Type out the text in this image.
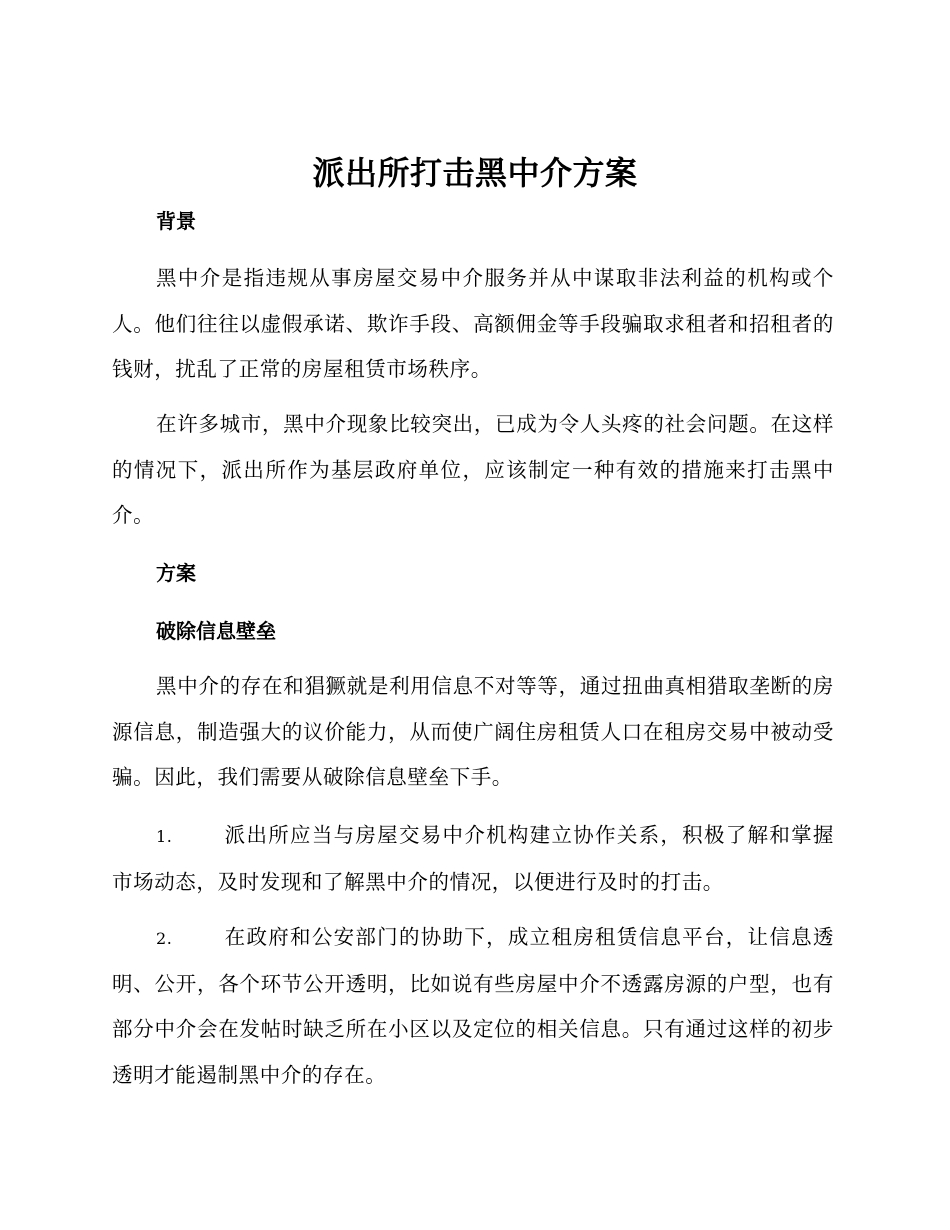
派出所打击黑中介方案
背景
黑中介是指违规从事房屋交易中介服务并从中谋取非法利益的机构或个人。他们往往以虚假承诺、欺诈手段、高额佣金等手段骗取求租者和招租者的钱财，扰乱了正常的房屋租赁市场秩序。
在许多城市，黑中介现象比较突出，已成为令人头疼的社会问题。在这样的情况下，派出所作为基层政府单位，应该制定一种有效的措施来打击黑中介。
方案
破除信息壁垒
黑中介的存在和猖獗就是利用信息不对等等，通过扭曲真相猎取垄断的房源信息，制造强大的议价能力，从而使广阔住房租赁人口在租房交易中被动受骗。因此，我们需要从破除信息壁垒下手。
1.	派出所应当与房屋交易中介机构建立协作关系，积极了解和掌握市场动态，及时发现和了解黑中介的情况，以便进行及时的打击。
2.	在政府和公安部门的协助下，成立租房租赁信息平台，让信息透明、公开，各个环节公开透明，比如说有些房屋中介不透露房源的户型，也有部分中介会在发帖时缺乏所在小区以及定位的相关信息。只有通过这样的初步透明才能遏制黑中介的存在。
